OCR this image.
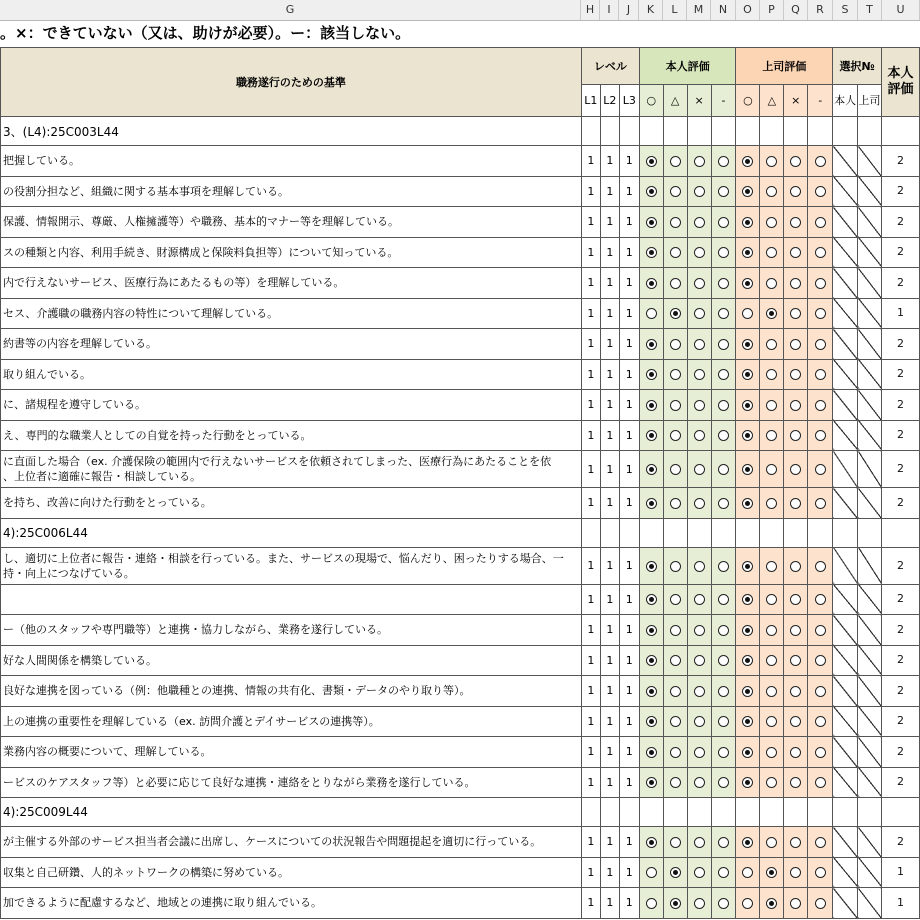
G	H	I	J	K	L	M	N	O	P	Q	R	S	T	U
。×：できていない（又は、助けが必要）。ー：該当しない。
職務遂行のための基準	レベル			本人評価				上司評価				選択№		本人評価
	L1	L2	L3	○	△	×	-	○	△	×	-	本人	上司	
3、(L4):25C003L44														

把握している。	1	1	1											2

の役割分担など、組織に関する基本事項を理解している。	1	1	1											2

保護、情報開示、尊厳、人権擁護等）や職務、基本的マナー等を理解している。	1	1	1											2

スの種類と内容、利用手続き、財源構成と保険料負担等）について知っている。	1	1	1											2

内で行えないサービス、医療行為にあたるもの等）を理解している。	1	1	1											2

セス、介護職の職務内容の特性について理解している。	1	1	1											1

約書等の内容を理解している。	1	1	1											2

取り組んでいる。	1	1	1											2

に、諸規程を遵守している。	1	1	1											2

え、専門的な職業人としての自覚を持った行動をとっている。	1	1	1											2

に直面した場合（ex. 介護保険の範囲内で行えないサービスを依頼されてしまった、医療行為にあたることを依
、上位者に適確に報告・相談している。	1	1	1											2

を持ち、改善に向けた行動をとっている。	1	1	1											2
4):25C006L44														

し、適切に上位者に報告・連絡・相談を行っている。また、サービスの現場で、悩んだり、困ったりする場合、一
持・向上につなげている。	1	1	1											2

	1	1	1											2

ー（他のスタッフや専門職等）と連携・協力しながら、業務を遂行している。	1	1	1											2

好な人間関係を構築している。	1	1	1											2

良好な連携を図っている（例：他職種との連携、情報の共有化、書類・データのやり取り等）。	1	1	1											2

上の連携の重要性を理解している（ex. 訪問介護とデイサービスの連携等）。	1	1	1											2

業務内容の概要について、理解している。	1	1	1											2

ービスのケアスタッフ等）と必要に応じて良好な連携・連絡をとりながら業務を遂行している。	1	1	1											2
4):25C009L44														

が主催する外部のサービス担当者会議に出席し、ケースについての状況報告や問題提起を適切に行っている。	1	1	1											2

収集と自己研鑽、人的ネットワークの構築に努めている。	1	1	1											1

加できるように配慮するなど、地域との連携に取り組んでいる。	1	1	1											1
